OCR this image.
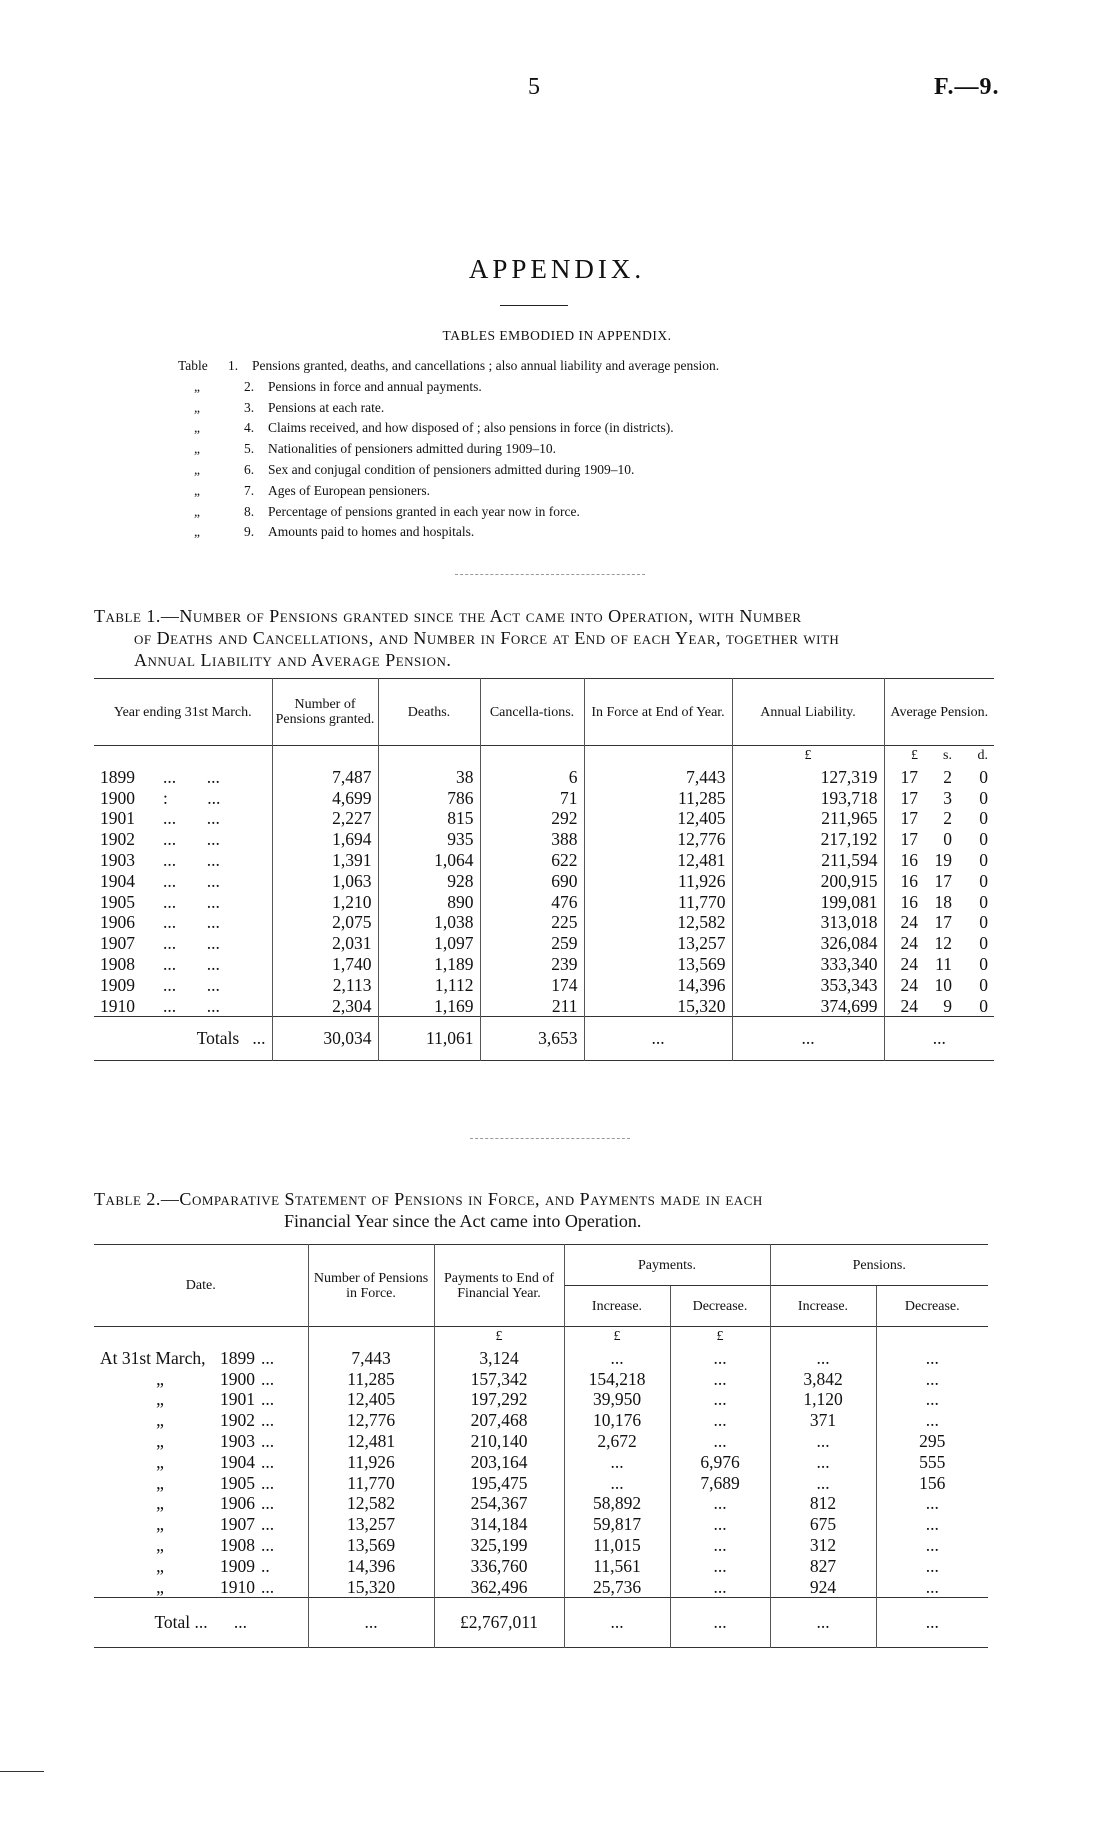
5	F.—9.
APPENDIX.
TABLES EMBODIED IN APPENDIX.
Table	1.	Pensions granted, deaths, and cancellations ; also annual liability and average pension.
„	2.	Pensions in force and annual payments.
„	3.	Pensions at each rate.
„	4.	Claims received, and how disposed of ; also pensions in force (in districts).
„	5.	Nationalities of pensioners admitted during 1909–10.
„	6.	Sex and conjugal condition of pensioners admitted during 1909–10.
„	7.	Ages of European pensioners.
„	8.	Percentage of pensions granted in each year now in force.
„	9.	Amounts paid to homes and hospitals.
Table 1.—Number of Pensions granted since the Act came into Operation, with Number
of Deaths and Cancellations, and Number in Force at End of each Year, together with
Annual Liability and Average Pension.
Year ending 31st March.	Number of Pensions granted.	Deaths.	Cancella-tions.	In Force at End of Year.	Annual Liability.	Average Pension.		
					£	£	s.	d.
1899 ...       ...	7,487	38	6	7,443	127,319	17	2	0
1900 :         ...	4,699	786	71	11,285	193,718	17	3	0
1901 ...       ...	2,227	815	292	12,405	211,965	17	2	0
1902 ...       ...	1,694	935	388	12,776	217,192	17	0	0
1903 ...       ...	1,391	1,064	622	12,481	211,594	16	19	0
1904 ...       ...	1,063	928	690	11,926	200,915	16	17	0
1905 ...       ...	1,210	890	476	11,770	199,081	16	18	0
1906 ...       ...	2,075	1,038	225	12,582	313,018	24	17	0
1907 ...       ...	2,031	1,097	259	13,257	326,084	24	12	0
1908 ...       ...	1,740	1,189	239	13,569	333,340	24	11	0
1909 ...       ...	2,113	1,112	174	14,396	353,343	24	10	0
1910 ...       ...	2,304	1,169	211	15,320	374,699	24	9	0
Totals ...	30,034	11,061	3,653	...	...	...		
Table 2.—Comparative Statement of Pensions in Force, and Payments made in each
Financial Year since the Act came into Operation.
Date.	Number of Pensions in Force.	Payments to End of Financial Year.	Payments.		Pensions.	
			Increase.	Decrease.	Increase.	Decrease.
		£	£	£		
At 31st March, 1899 ...	7,443	3,124	...	...	...	...
„ 1900 ...	11,285	157,342	154,218	...	3,842	...
„ 1901 ...	12,405	197,292	39,950	...	1,120	...
„ 1902 ...	12,776	207,468	10,176	...	371	...
„ 1903 ...	12,481	210,140	2,672	...	...	295
„ 1904 ...	11,926	203,164	...	6,976	...	555
„ 1905 ...	11,770	195,475	...	7,689	...	156
„ 1906 ...	12,582	254,367	58,892	...	812	...
„ 1907 ...	13,257	314,184	59,817	...	675	...
„ 1908 ...	13,569	325,199	11,015	...	312	...
„ 1909 ..	14,396	336,760	11,561	...	827	...
„ 1910 ...	15,320	362,496	25,736	...	924	...
Total ... ...	...	£2,767,011	...	...	...	...
